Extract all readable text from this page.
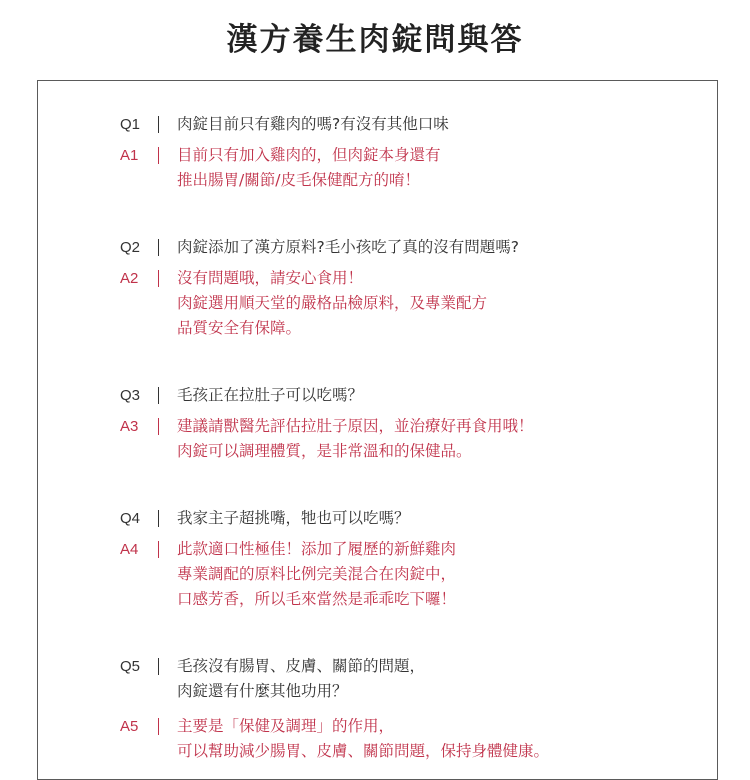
漢方養生肉錠問與答
Q1	肉錠目前只有雞肉的嗎?有沒有其他口味
A1	目前只有加入雞肉的，但肉錠本身還有
推出腸胃/關節/皮毛保健配方的唷！
Q2	肉錠添加了漢方原料?毛小孩吃了真的沒有問題嗎?
A2	沒有問題哦，請安心食用！
肉錠選用順天堂的嚴格品檢原料，及專業配方
品質安全有保障。
Q3	毛孩正在拉肚子可以吃嗎？
A3	建議請獸醫先評估拉肚子原因，並治療好再食用哦！
肉錠可以調理體質，是非常溫和的保健品。
Q4	我家主子超挑嘴，牠也可以吃嗎？
A4	此款適口性極佳！添加了履歷的新鮮雞肉
專業調配的原料比例完美混合在肉錠中，
口感芳香，所以毛來當然是乖乖吃下囉！
Q5	毛孩沒有腸胃、皮膚、關節的問題，
肉錠還有什麼其他功用？
A5	主要是「保健及調理」的作用，
可以幫助減少腸胃、皮膚、關節問題，保持身體健康。
